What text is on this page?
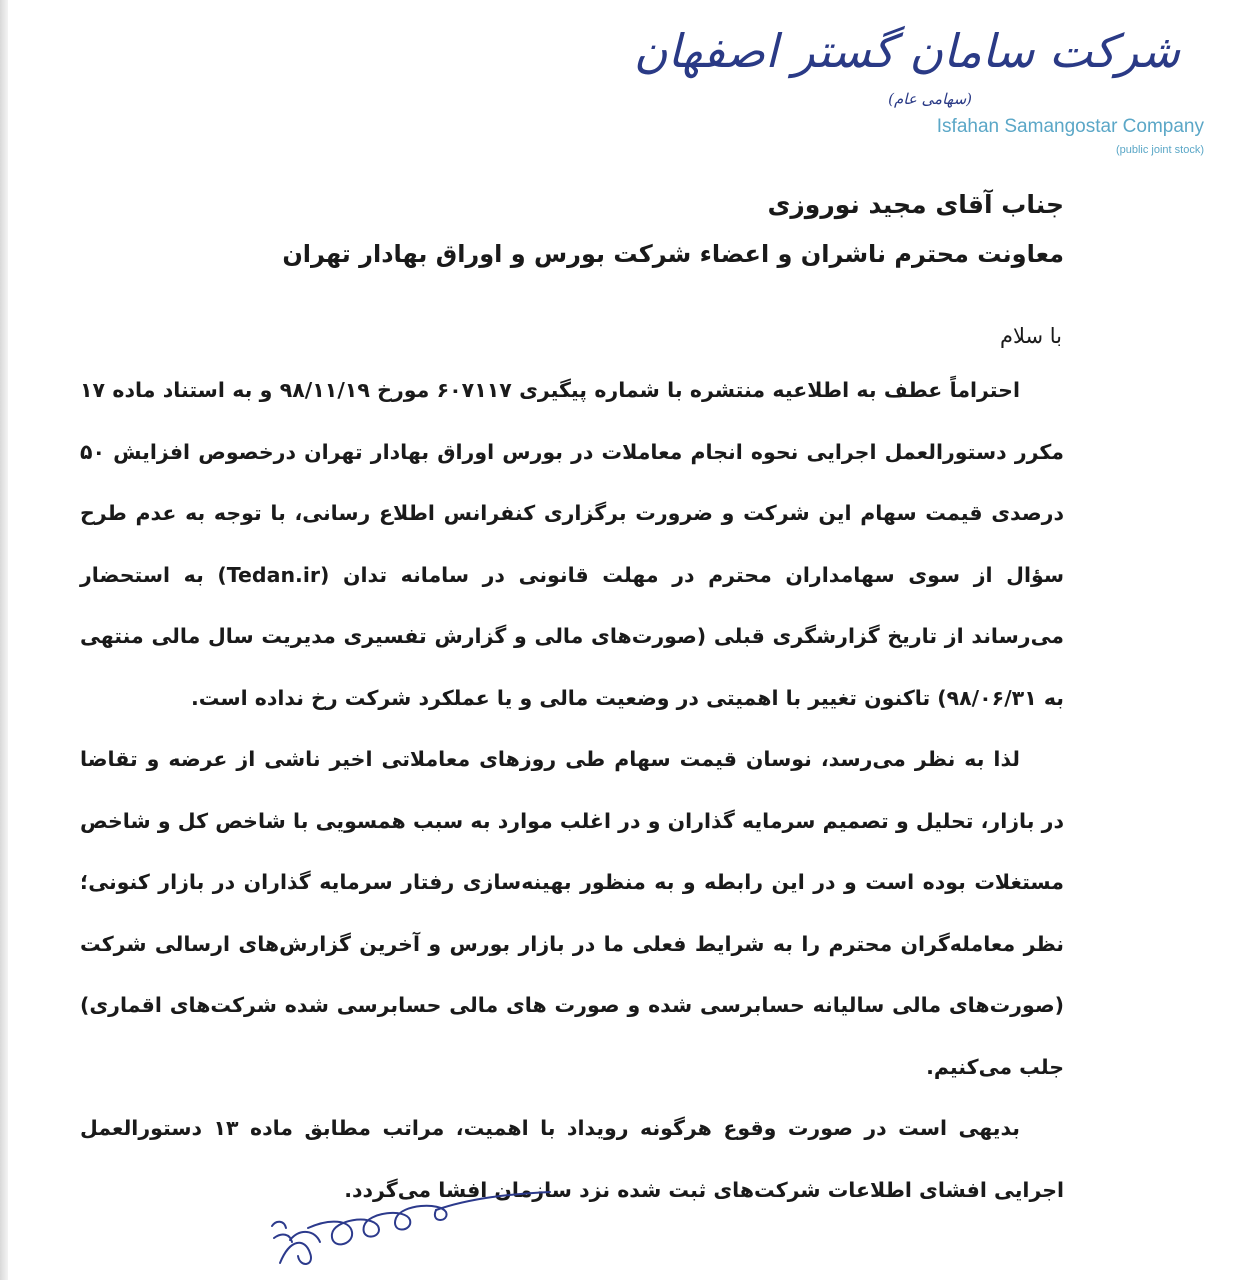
شرکت سامان گستر اصفهان
(سهامی عام)
Isfahan Samangostar Company
(public joint stock)

جناب آقای مجید نوروزی

معاونت محترم ناشران و اعضاء شرکت بورس و اوراق بهادار تهران

با سلام

احتراماً عطف به اطلاعیه منتشره با شماره پیگیری ۶۰۷۱۱۷ مورخ ۹۸/۱۱/۱۹ و به استناد ماده ۱۷ مکرر دستورالعمل اجرایی نحوه انجام معاملات در بورس اوراق بهادار تهران درخصوص افزایش ۵۰ درصدی قیمت سهام این شرکت و ضرورت برگزاری کنفرانس اطلاع رسانی، با توجه به عدم طرح سؤال از سوی سهامداران محترم در مهلت قانونی در سامانه تدان (Tedan.ir) به استحضار می‌رساند از تاریخ گزارشگری قبلی (صورت‌های مالی و گزارش تفسیری مدیریت سال مالی منتهی به ۹۸/۰۶/۳۱) تاکنون تغییر با اهمیتی در وضعیت مالی و یا عملکرد شرکت رخ نداده است.

لذا به نظر می‌رسد، نوسان قیمت سهام طی روزهای معاملاتی اخیر ناشی از عرضه و تقاضا در بازار، تحلیل و تصمیم سرمایه گذاران و در اغلب موارد به سبب همسویی با شاخص کل و شاخص مستغلات بوده است و در این رابطه و به منظور بهینه‌سازی رفتار سرمایه گذاران در بازار کنونی؛ نظر معامله‌گران محترم را به شرایط فعلی ما در بازار بورس و آخرین گزارش‌های ارسالی شرکت (صورت‌های مالی سالیانه حسابرسی شده و صورت های مالی حسابرسی شده شرکت‌های اقماری) جلب می‌کنیم.

بدیهی است در صورت وقوع هرگونه رویداد با اهمیت، مراتب مطابق ماده ۱۳ دستورالعمل اجرایی افشای اطلاعات شرکت‌های ثبت شده نزد سازمان افشا می‌گردد.
